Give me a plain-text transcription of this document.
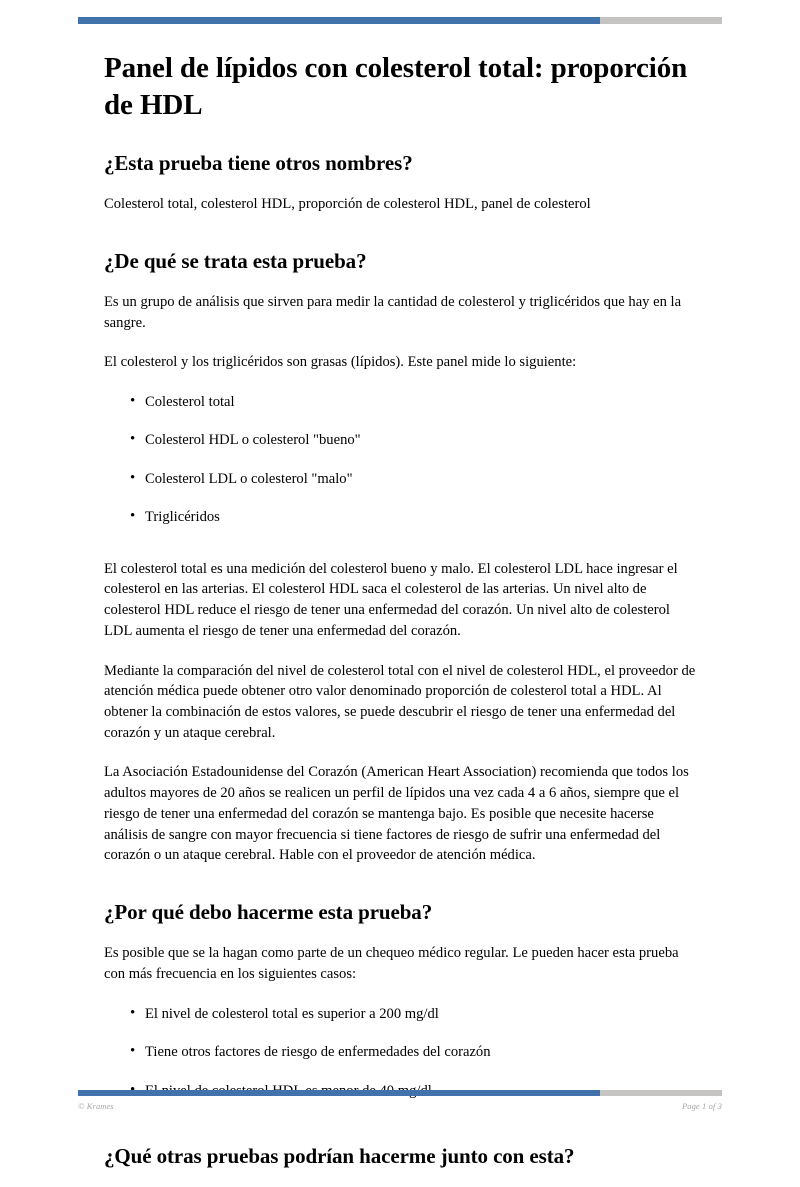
Panel de lípidos con colesterol total: proporción de HDL
¿Esta prueba tiene otros nombres?

Colesterol total, colesterol HDL, proporción de colesterol HDL, panel de colesterol

¿De qué se trata esta prueba?

Es un grupo de análisis que sirven para medir la cantidad de colesterol y triglicéridos que hay en la sangre.

El colesterol y los triglicéridos son grasas (lípidos). Este panel mide lo siguiente:

• Colesterol total
• Colesterol HDL o colesterol "bueno"
• Colesterol LDL o colesterol "malo"
• Triglicéridos

El colesterol total es una medición del colesterol bueno y malo. El colesterol LDL hace ingresar el colesterol en las arterias. El colesterol HDL saca el colesterol de las arterias. Un nivel alto de colesterol HDL reduce el riesgo de tener una enfermedad del corazón. Un nivel alto de colesterol LDL aumenta el riesgo de tener una enfermedad del corazón.

Mediante la comparación del nivel de colesterol total con el nivel de colesterol HDL, el proveedor de atención médica puede obtener otro valor denominado proporción de colesterol total a HDL. Al obtener la combinación de estos valores, se puede descubrir el riesgo de tener una enfermedad del corazón y un ataque cerebral.

La Asociación Estadounidense del Corazón (American Heart Association) recomienda que todos los adultos mayores de 20 años se realicen un perfil de lípidos una vez cada 4 a 6 años, siempre que el riesgo de tener una enfermedad del corazón se mantenga bajo. Es posible que necesite hacerse análisis de sangre con mayor frecuencia si tiene factores de riesgo de sufrir una enfermedad del corazón o un ataque cerebral. Hable con el proveedor de atención médica.

¿Por qué debo hacerme esta prueba?

Es posible que se la hagan como parte de un chequeo médico regular. Le pueden hacer esta prueba con más frecuencia en los siguientes casos:

• El nivel de colesterol total es superior a 200 mg/dl
• Tiene otros factores de riesgo de enfermedades del corazón
•
¿Qué otras pruebas podrían hacerme junto con esta?
© Krames	Page 1 of 3
